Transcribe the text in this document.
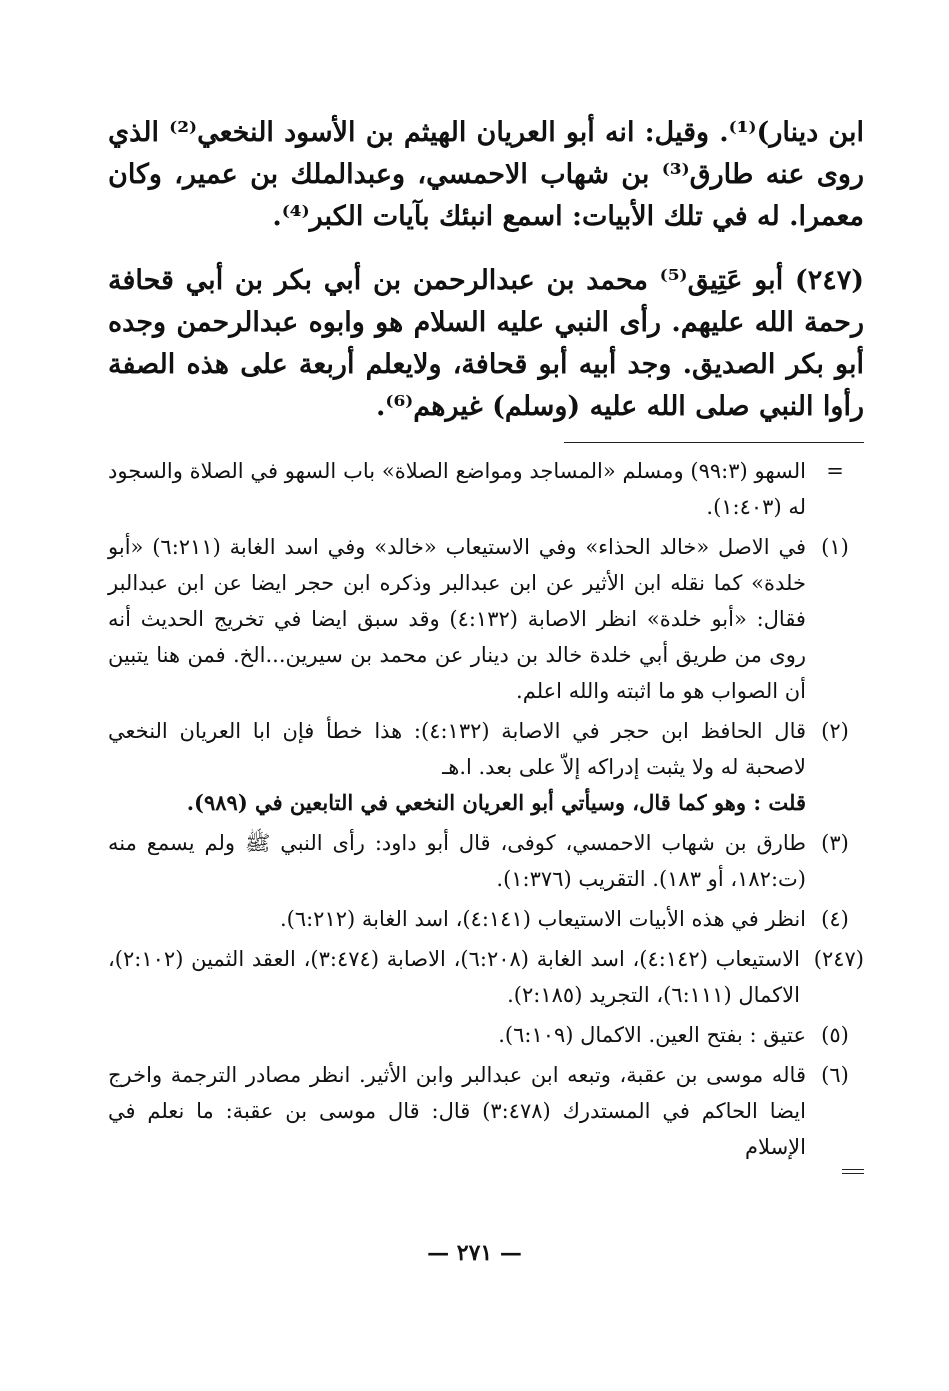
ابن دينار)⁽¹⁾. وقيل: انه أبو العريان الهيثم بن الأسود النخعي⁽²⁾ الذي روى عنه طارق⁽³⁾ بن شهاب الاحمسي، وعبدالملك بن عمير، وكان معمرا. له في تلك الأبيات: اسمع انبئك بآيات الكبر⁽⁴⁾.

(٢٤٧) أبو عَتِيق⁽⁵⁾ محمد بن عبدالرحمن بن أبي بكر بن أبي قحافة رحمة الله عليهم. رأى النبي عليه السلام هو وابوه عبدالرحمن وجده أبو بكر الصديق. وجد أبيه أبو قحافة، ولايعلم أربعة على هذه الصفة رأوا النبي صلى الله عليه (وسلم) غيرهم⁽⁶⁾.

=
السهو (٩٩:٣) ومسلم «المساجد ومواضع الصلاة» باب السهو في الصلاة والسجود له (١:٤٠٣).
(١)
في الاصل «خالد الحذاء» وفي الاستيعاب «خالد» وفي اسد الغابة (٦:٢١١) «أبو خلدة» كما نقله ابن الأثير عن ابن عبدالبر وذكره ابن حجر ايضا عن ابن عبدالبر فقال: «أبو خلدة» انظر الاصابة (٤:١٣٢) وقد سبق ايضا في تخريج الحديث أنه روى من طريق أبي خلدة خالد بن دينار عن محمد بن سيرين...الخ. فمن هنا يتبين أن الصواب هو ما اثبته والله اعلم.
(٢)
قال الحافظ ابن حجر في الاصابة (٤:١٣٢): هذا خطأ فإن ابا العريان النخعي لاصحبة له ولا يثبت إدراكه إلاّ على بعد. ا.هـ
قلت : وهو كما قال، وسيأتي أبو العريان النخعي في التابعين في (٩٨٩).
(٣)
طارق بن شهاب الاحمسي، كوفى، قال أبو داود: رأى النبي ﷺ ولم يسمع منه (ت:١٨٢، أو ١٨٣). التقريب (١:٣٧٦).
(٤)
انظر في هذه الأبيات الاستيعاب (٤:١٤١)، اسد الغابة (٦:٢١٢).
(٢٤٧)
الاستيعاب (٤:١٤٢)، اسد الغابة (٦:٢٠٨)، الاصابة (٣:٤٧٤)، العقد الثمين (٢:١٠٢)، الاكمال (٦:١١١)، التجريد (٢:١٨٥).
(٥)
عتيق : بفتح العين. الاكمال (٦:١٠٩).
(٦)
قاله موسى بن عقبة، وتبعه ابن عبدالبر وابن الأثير. انظر مصادر الترجمة واخرج ايضا الحاكم في المستدرك (٣:٤٧٨) قال: قال موسى بن عقبة: ما نعلم في الإسلام
— ٢٧١ —
